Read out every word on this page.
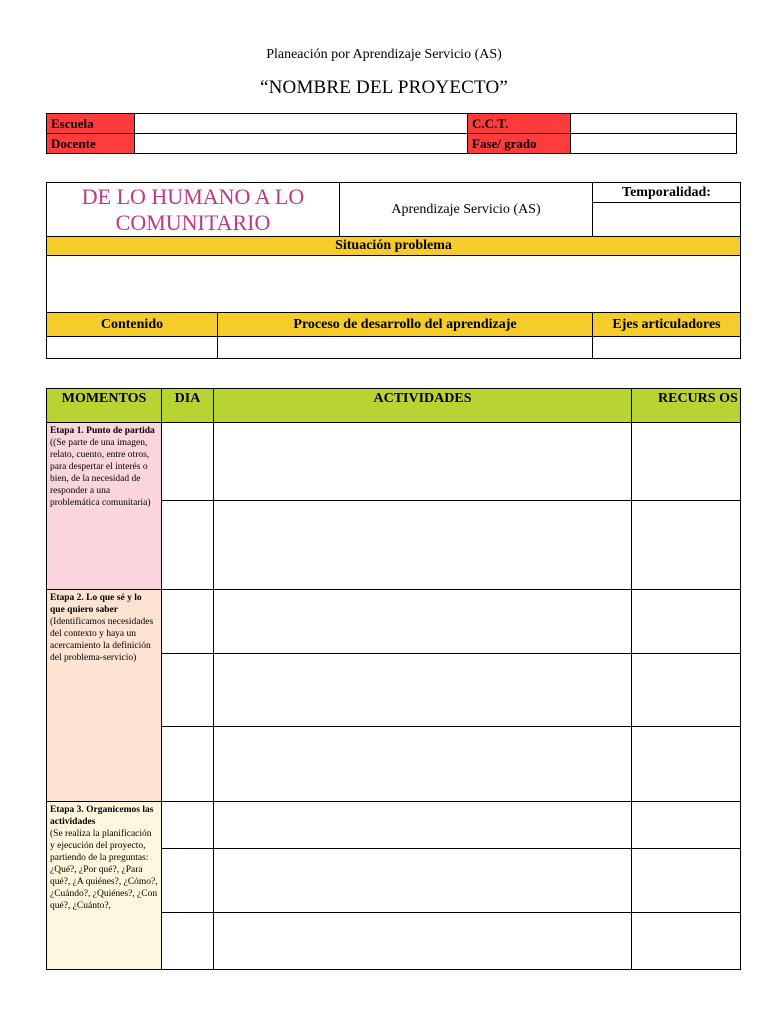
Planeación por Aprendizaje Servicio (AS)
“NOMBRE DEL PROYECTO”
Escuela		C.C.T.	
Docente		Fase/ grado	
DE LO HUMANO A LO COMUNITARIO		Aprendizaje Servicio (AS)	Temporalidad:

Situación problema			

Contenido	Proceso de desarrollo del aprendizaje		Ejes articuladores

MOMENTOS	DIA	ACTIVIDADES	RECURS OS
Etapa 1. Punto de partida
((Se parte de una imagen, relato, cuento, entre otros, para despertar el interés o bien, de la necesidad de responder a una problemática comunitaria)			

Etapa 2. Lo que sé y lo que quiero saber
(Identificamos necesidades del contexto y haya un acercamiento la definición del problema-servicio)			

Etapa 3. Organicemos las actividades
(Se realiza la planificación y ejecución del proyecto, partiendo de la preguntas: ¿Qué?, ¿Por qué?, ¿Para qué?, ¿A quiénes?, ¿Cómo?, ¿Cuándo?, ¿Quiénes?, ¿Con qué?, ¿Cuánto?,			
